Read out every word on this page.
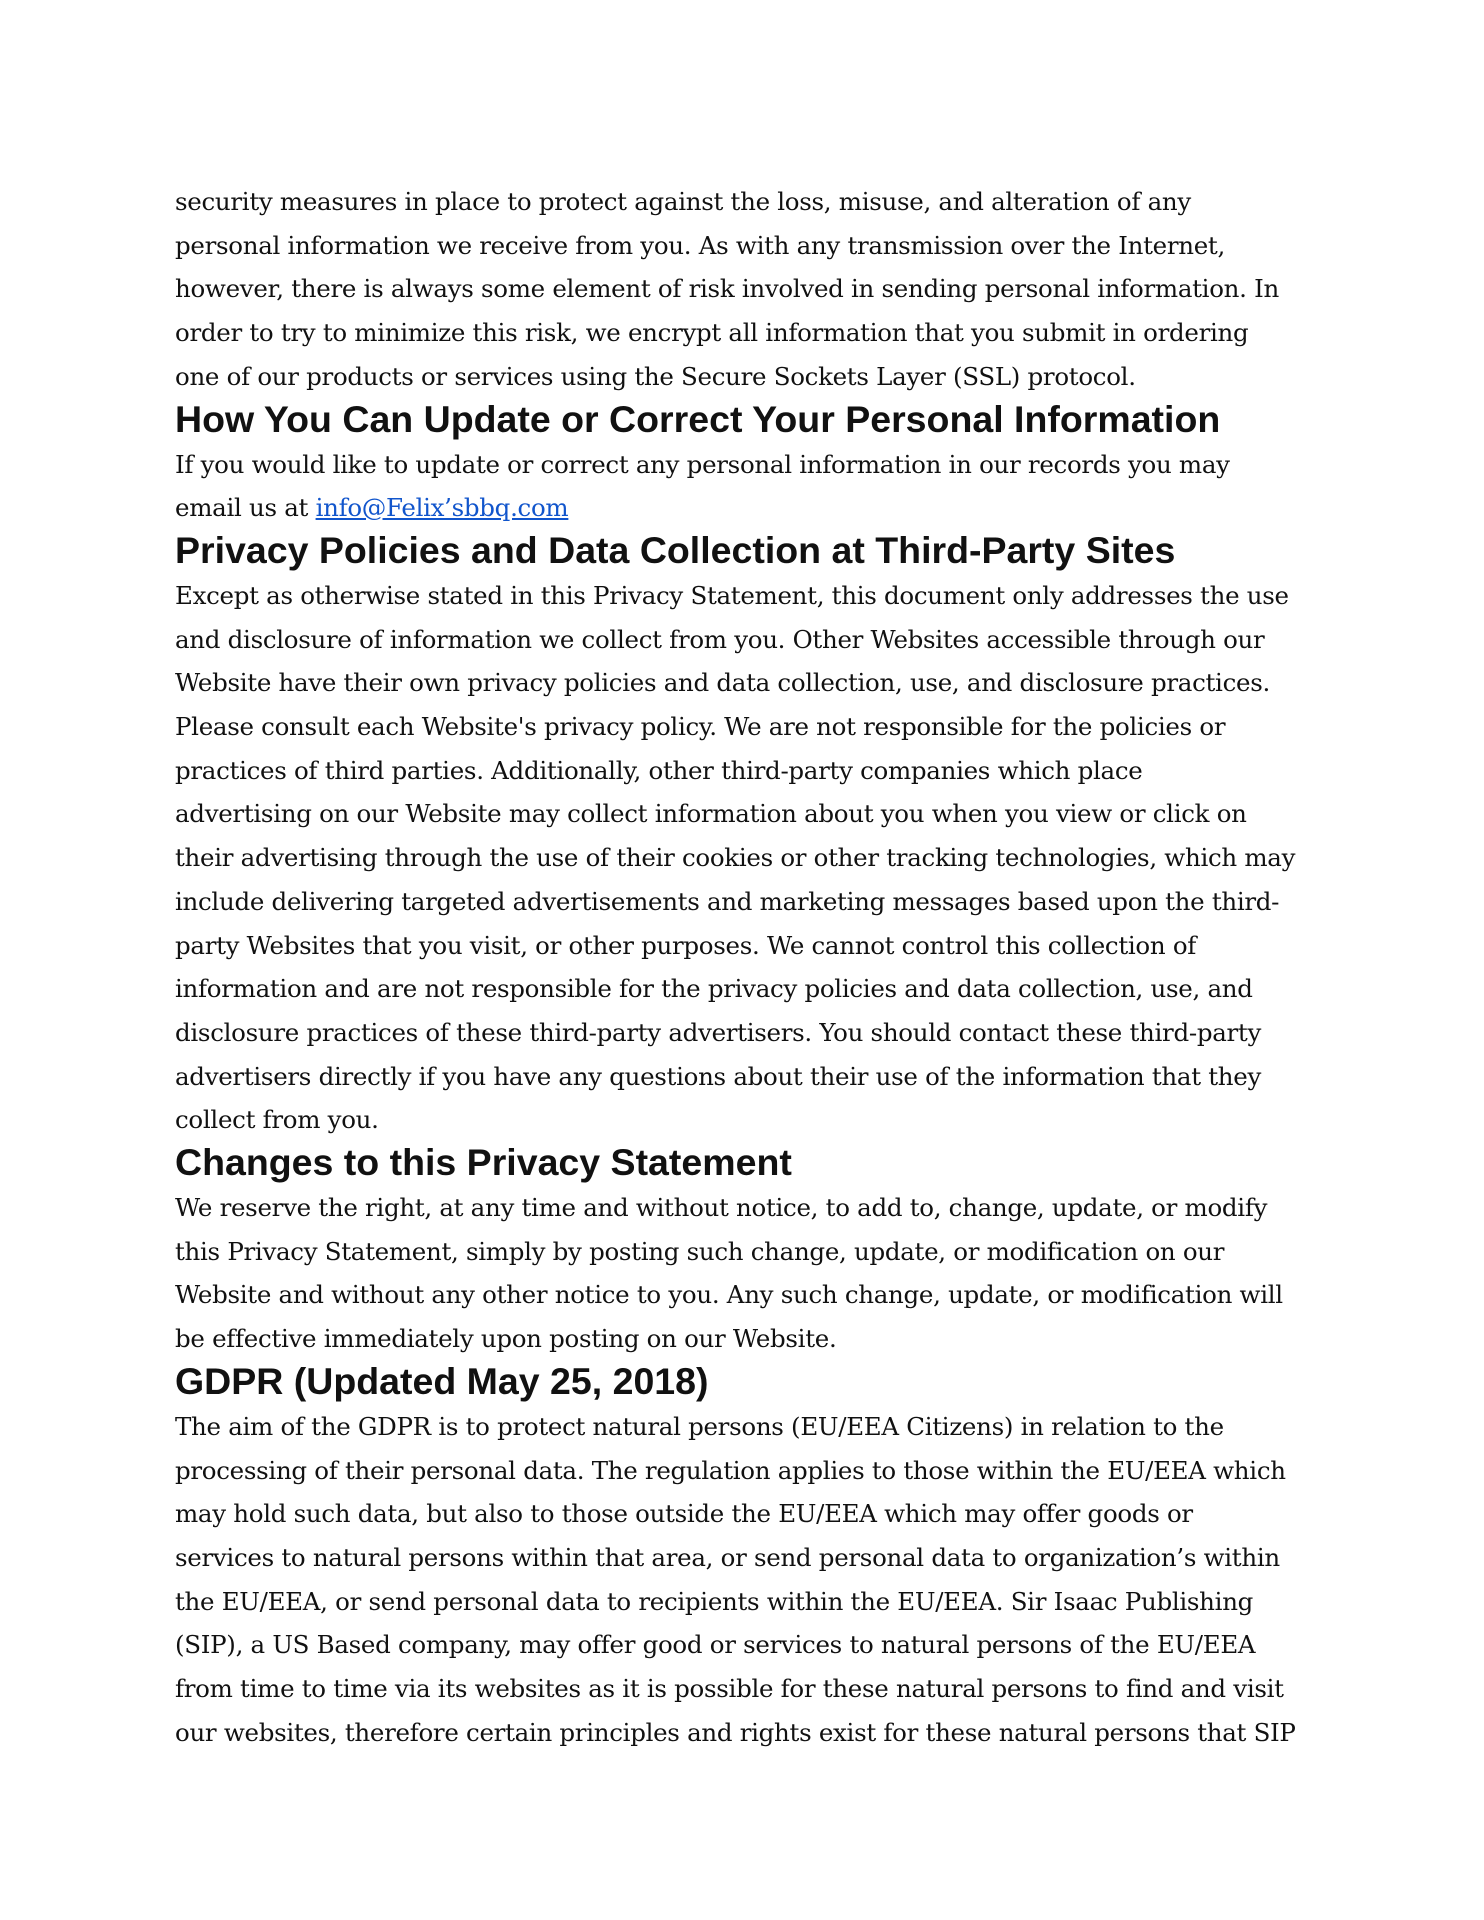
security measures in place to protect against the loss, misuse, and alteration of any
personal information we receive from you. As with any transmission over the Internet,
however, there is always some element of risk involved in sending personal information. In
order to try to minimize this risk, we encrypt all information that you submit in ordering
one of our products or services using the Secure Sockets Layer (SSL) protocol.

How You Can Update or Correct Your Personal Information

If you would like to update or correct any personal information in our records you may
email us at info@Felix’sbbq.com

Privacy Policies and Data Collection at Third-Party Sites

Except as otherwise stated in this Privacy Statement, this document only addresses the use
and disclosure of information we collect from you. Other Websites accessible through our
Website have their own privacy policies and data collection, use, and disclosure practices.
Please consult each Website's privacy policy. We are not responsible for the policies or
practices of third parties. Additionally, other third-party companies which place
advertising on our Website may collect information about you when you view or click on
their advertising through the use of their cookies or other tracking technologies, which may
include delivering targeted advertisements and marketing messages based upon the third-
party Websites that you visit, or other purposes. We cannot control this collection of
information and are not responsible for the privacy policies and data collection, use, and
disclosure practices of these third-party advertisers. You should contact these third-party
advertisers directly if you have any questions about their use of the information that they
collect from you.

Changes to this Privacy Statement

We reserve the right, at any time and without notice, to add to, change, update, or modify
this Privacy Statement, simply by posting such change, update, or modification on our
Website and without any other notice to you. Any such change, update, or modification will
be effective immediately upon posting on our Website.

GDPR (Updated May 25, 2018)

The aim of the GDPR is to protect natural persons (EU/EEA Citizens) in relation to the
processing of their personal data. The regulation applies to those within the EU/EEA which
may hold such data, but also to those outside the EU/EEA which may offer goods or
services to natural persons within that area, or send personal data to organization’s within
the EU/EEA, or send personal data to recipients within the EU/EEA. Sir Isaac Publishing
(SIP), a US Based company, may offer good or services to natural persons of the EU/EEA
from time to time via its websites as it is possible for these natural persons to find and visit
our websites, therefore certain principles and rights exist for these natural persons that SIP
